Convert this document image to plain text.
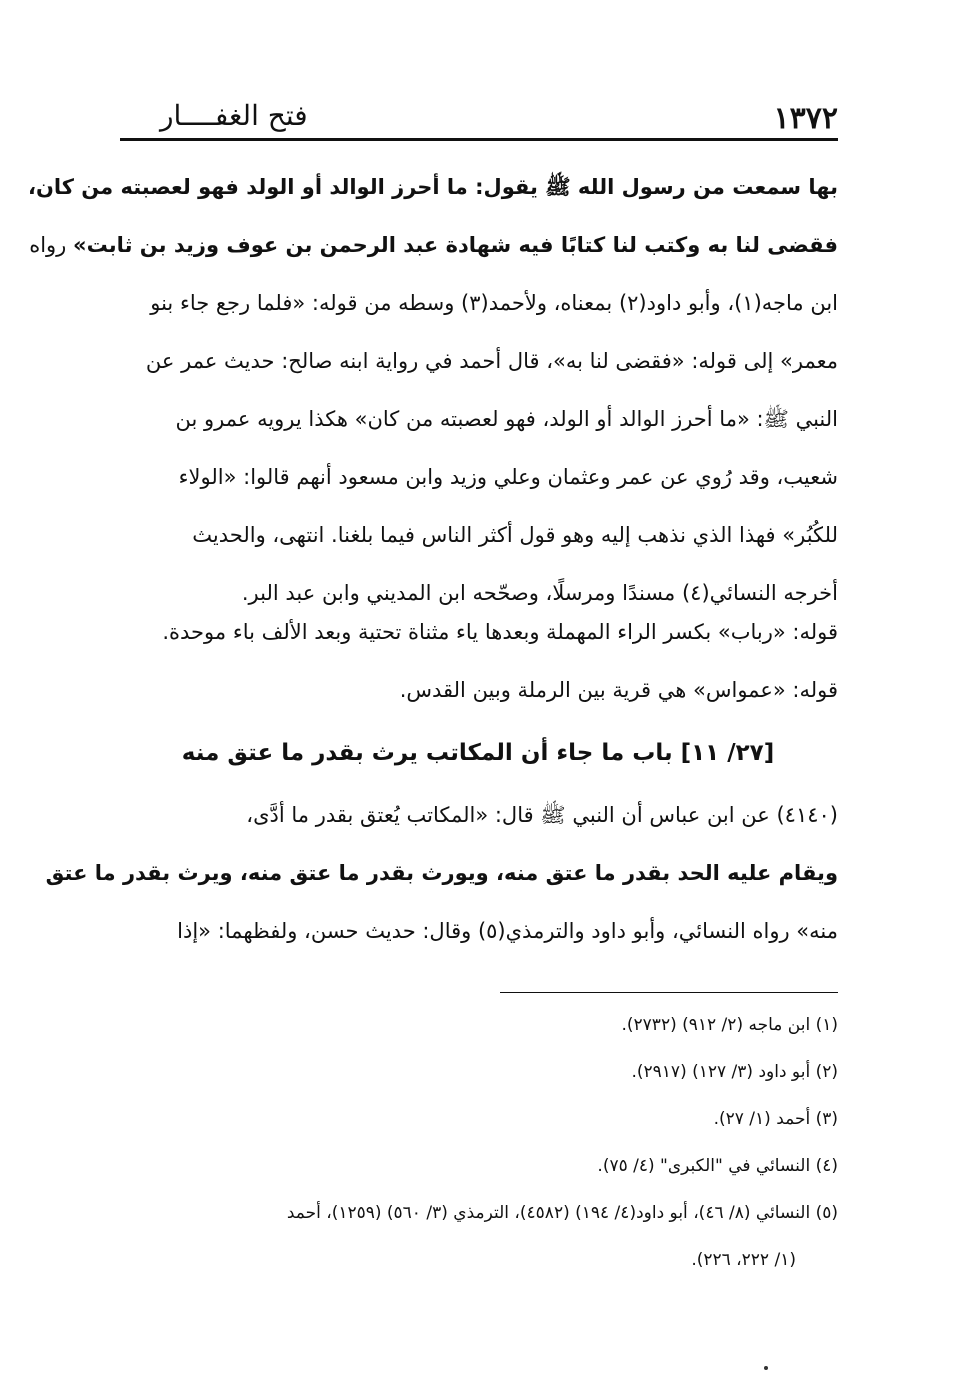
١٣٧٢
فتح الغفــــار
بها سمعت من رسول الله ﷺ يقول: ما أحرز الوالد أو الولد فهو لعصبته من كان،
فقضى لنا به وكتب لنا كتابًا فيه شهادة عبد الرحمن بن عوف وزيد بن ثابت» رواه
ابن ماجه(١)، وأبو داود(٢) بمعناه، ولأحمد(٣) وسطه من قوله: «فلما رجع جاء بنو
معمر» إلى قوله: «فقضى لنا به»، قال أحمد في رواية ابنه صالح: حديث عمر عن
النبي ﷺ: «ما أحرز الوالد أو الولد، فهو لعصبته من كان» هكذا يرويه عمرو بن
شعيب، وقد رُوي عن عمر وعثمان وعلي وزيد وابن مسعود أنهم قالوا: «الولاء
للكُبُر» فهذا الذي نذهب إليه وهو قول أكثر الناس فيما بلغنا. انتهى، والحديث
أخرجه النسائي(٤) مسندًا ومرسلًا، وصحّحه ابن المديني وابن عبد البر.
قوله: «رباب» بكسر الراء المهملة وبعدها ياء مثناة تحتية وبعد الألف باء موحدة.
قوله: «عمواس» هي قرية بين الرملة وبين القدس.
[٢٧/ ١١] باب ما جاء أن المكاتب يرث بقدر ما عتق منه
(٤١٤٠) عن ابن عباس أن النبي ﷺ قال: «المكاتب يُعتق بقدر ما أدَّى،
ويقام عليه الحد بقدر ما عتق منه، ويورث بقدر ما عتق منه، ويرث بقدر ما عتق
منه» رواه النسائي، وأبو داود والترمذي(٥) وقال: حديث حسن، ولفظهما: «إذا
(١) ابن ماجه (٢/ ٩١٢) (٢٧٣٢).
(٢) أبو داود (٣/ ١٢٧) (٢٩١٧).
(٣) أحمد (١/ ٢٧).
(٤) النسائي في "الكبرى" (٤/ ٧٥).
(٥) النسائي (٨/ ٤٦)، أبو داود(٤/ ١٩٤) (٤٥٨٢)، الترمذي (٣/ ٥٦٠) (١٢٥٩)، أحمد
(١/ ٢٢٢، ٢٢٦).
